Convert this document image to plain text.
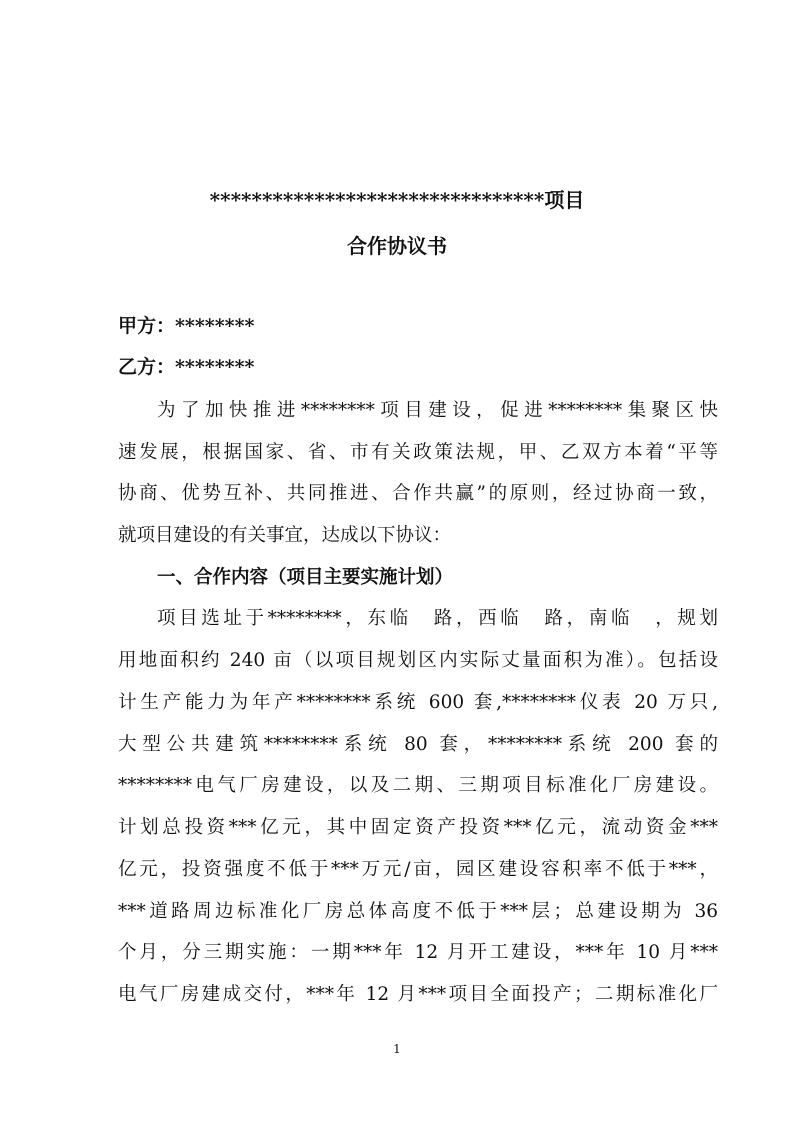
********************************项目
合作协议书
甲方：********
乙方：********
为了加快推进********项目建设，促进********集聚区快
速发展，根据国家、省、市有关政策法规，甲、乙双方本着“平等
协商、优势互补、共同推进、合作共赢”的原则，经过协商一致，
就项目建设的有关事宜，达成以下协议：
一、合作内容（项目主要实施计划）
项目选址于********，东临　路，西临　路，南临　，规划
用地面积约 240 亩（以项目规划区内实际丈量面积为准）。包括设
计生产能力为年产********系统 600 套,********仪表 20 万只,
大型公共建筑********系统 80 套，********系统 200 套的
********电气厂房建设，以及二期、三期项目标准化厂房建设。
计划总投资***亿元，其中固定资产投资***亿元，流动资金***
亿元，投资强度不低于***万元/亩，园区建设容积率不低于***，
***道路周边标准化厂房总体高度不低于***层；总建设期为 36
个月，分三期实施：一期***年 12 月开工建设，***年 10 月***
电气厂房建成交付，***年 12 月***项目全面投产；二期标准化厂
1
